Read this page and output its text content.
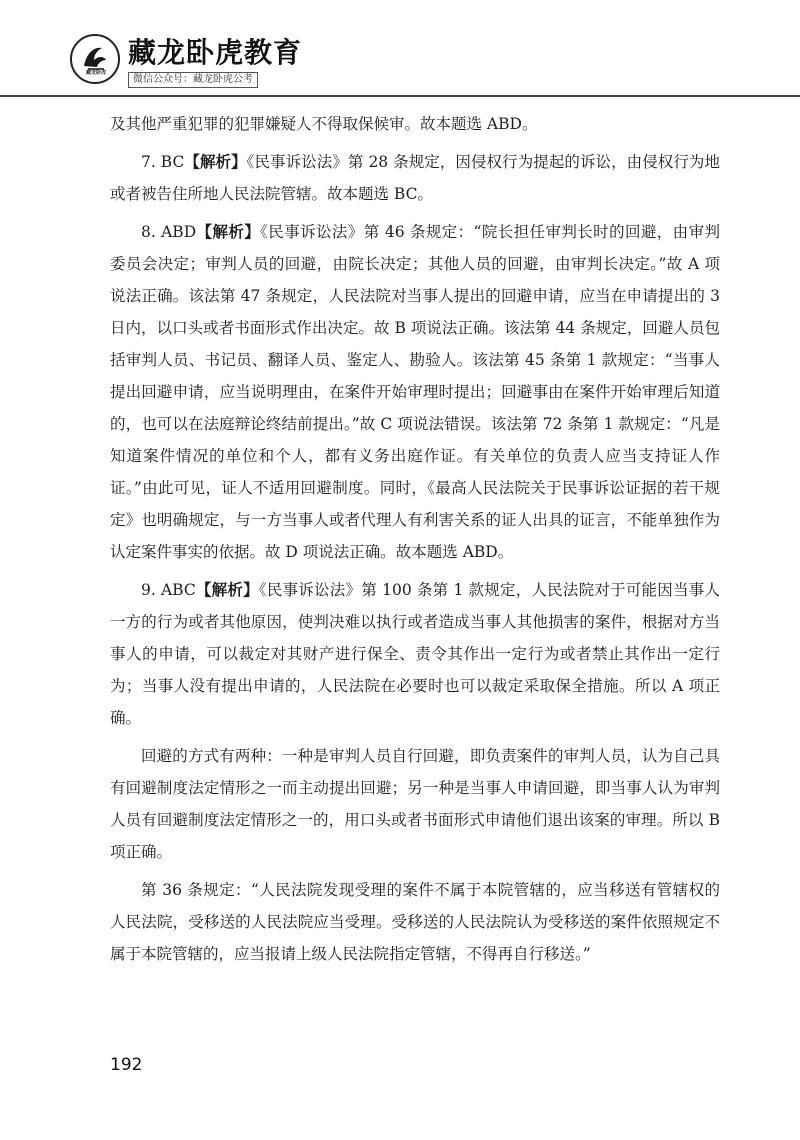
藏龙卧虎
藏龙卧虎教育
微信公众号：藏龙卧虎公考

及其他严重犯罪的犯罪嫌疑人不得取保候审。故本题选 ABD。

7. BC【解析】《民事诉讼法》第 28 条规定，因侵权行为提起的诉讼，由侵权行为地或者被告住所地人民法院管辖。故本题选 BC。

8. ABD【解析】《民事诉讼法》第 46 条规定：“院长担任审判长时的回避，由审判委员会决定；审判人员的回避，由院长决定；其他人员的回避，由审判长决定。”故 A 项说法正确。该法第 47 条规定，人民法院对当事人提出的回避申请，应当在申请提出的 3 日内，以口头或者书面形式作出决定。故 B 项说法正确。该法第 44 条规定，回避人员包括审判人员、书记员、翻译人员、鉴定人、勘验人。该法第 45 条第 1 款规定：“当事人提出回避申请，应当说明理由，在案件开始审理时提出；回避事由在案件开始审理后知道的，也可以在法庭辩论终结前提出。”故 C 项说法错误。该法第 72 条第 1 款规定：“凡是知道案件情况的单位和个人，都有义务出庭作证。有关单位的负责人应当支持证人作证。”由此可见，证人不适用回避制度。同时，《最高人民法院关于民事诉讼证据的若干规定》也明确规定，与一方当事人或者代理人有利害关系的证人出具的证言，不能单独作为认定案件事实的依据。故 D 项说法正确。故本题选 ABD。

9. ABC【解析】《民事诉讼法》第 100 条第 1 款规定，人民法院对于可能因当事人一方的行为或者其他原因，使判决难以执行或者造成当事人其他损害的案件，根据对方当事人的申请，可以裁定对其财产进行保全、责令其作出一定行为或者禁止其作出一定行为；当事人没有提出申请的，人民法院在必要时也可以裁定采取保全措施。所以 A 项正确。

回避的方式有两种：一种是审判人员自行回避，即负责案件的审判人员，认为自己具有回避制度法定情形之一而主动提出回避；另一种是当事人申请回避，即当事人认为审判人员有回避制度法定情形之一的，用口头或者书面形式申请他们退出该案的审理。所以 B 项正确。

第 36 条规定：“人民法院发现受理的案件不属于本院管辖的，应当移送有管辖权的人民法院，受移送的人民法院应当受理。受移送的人民法院认为受移送的案件依照规定不属于本院管辖的，应当报请上级人民法院指定管辖，不得再自行移送。”

192
